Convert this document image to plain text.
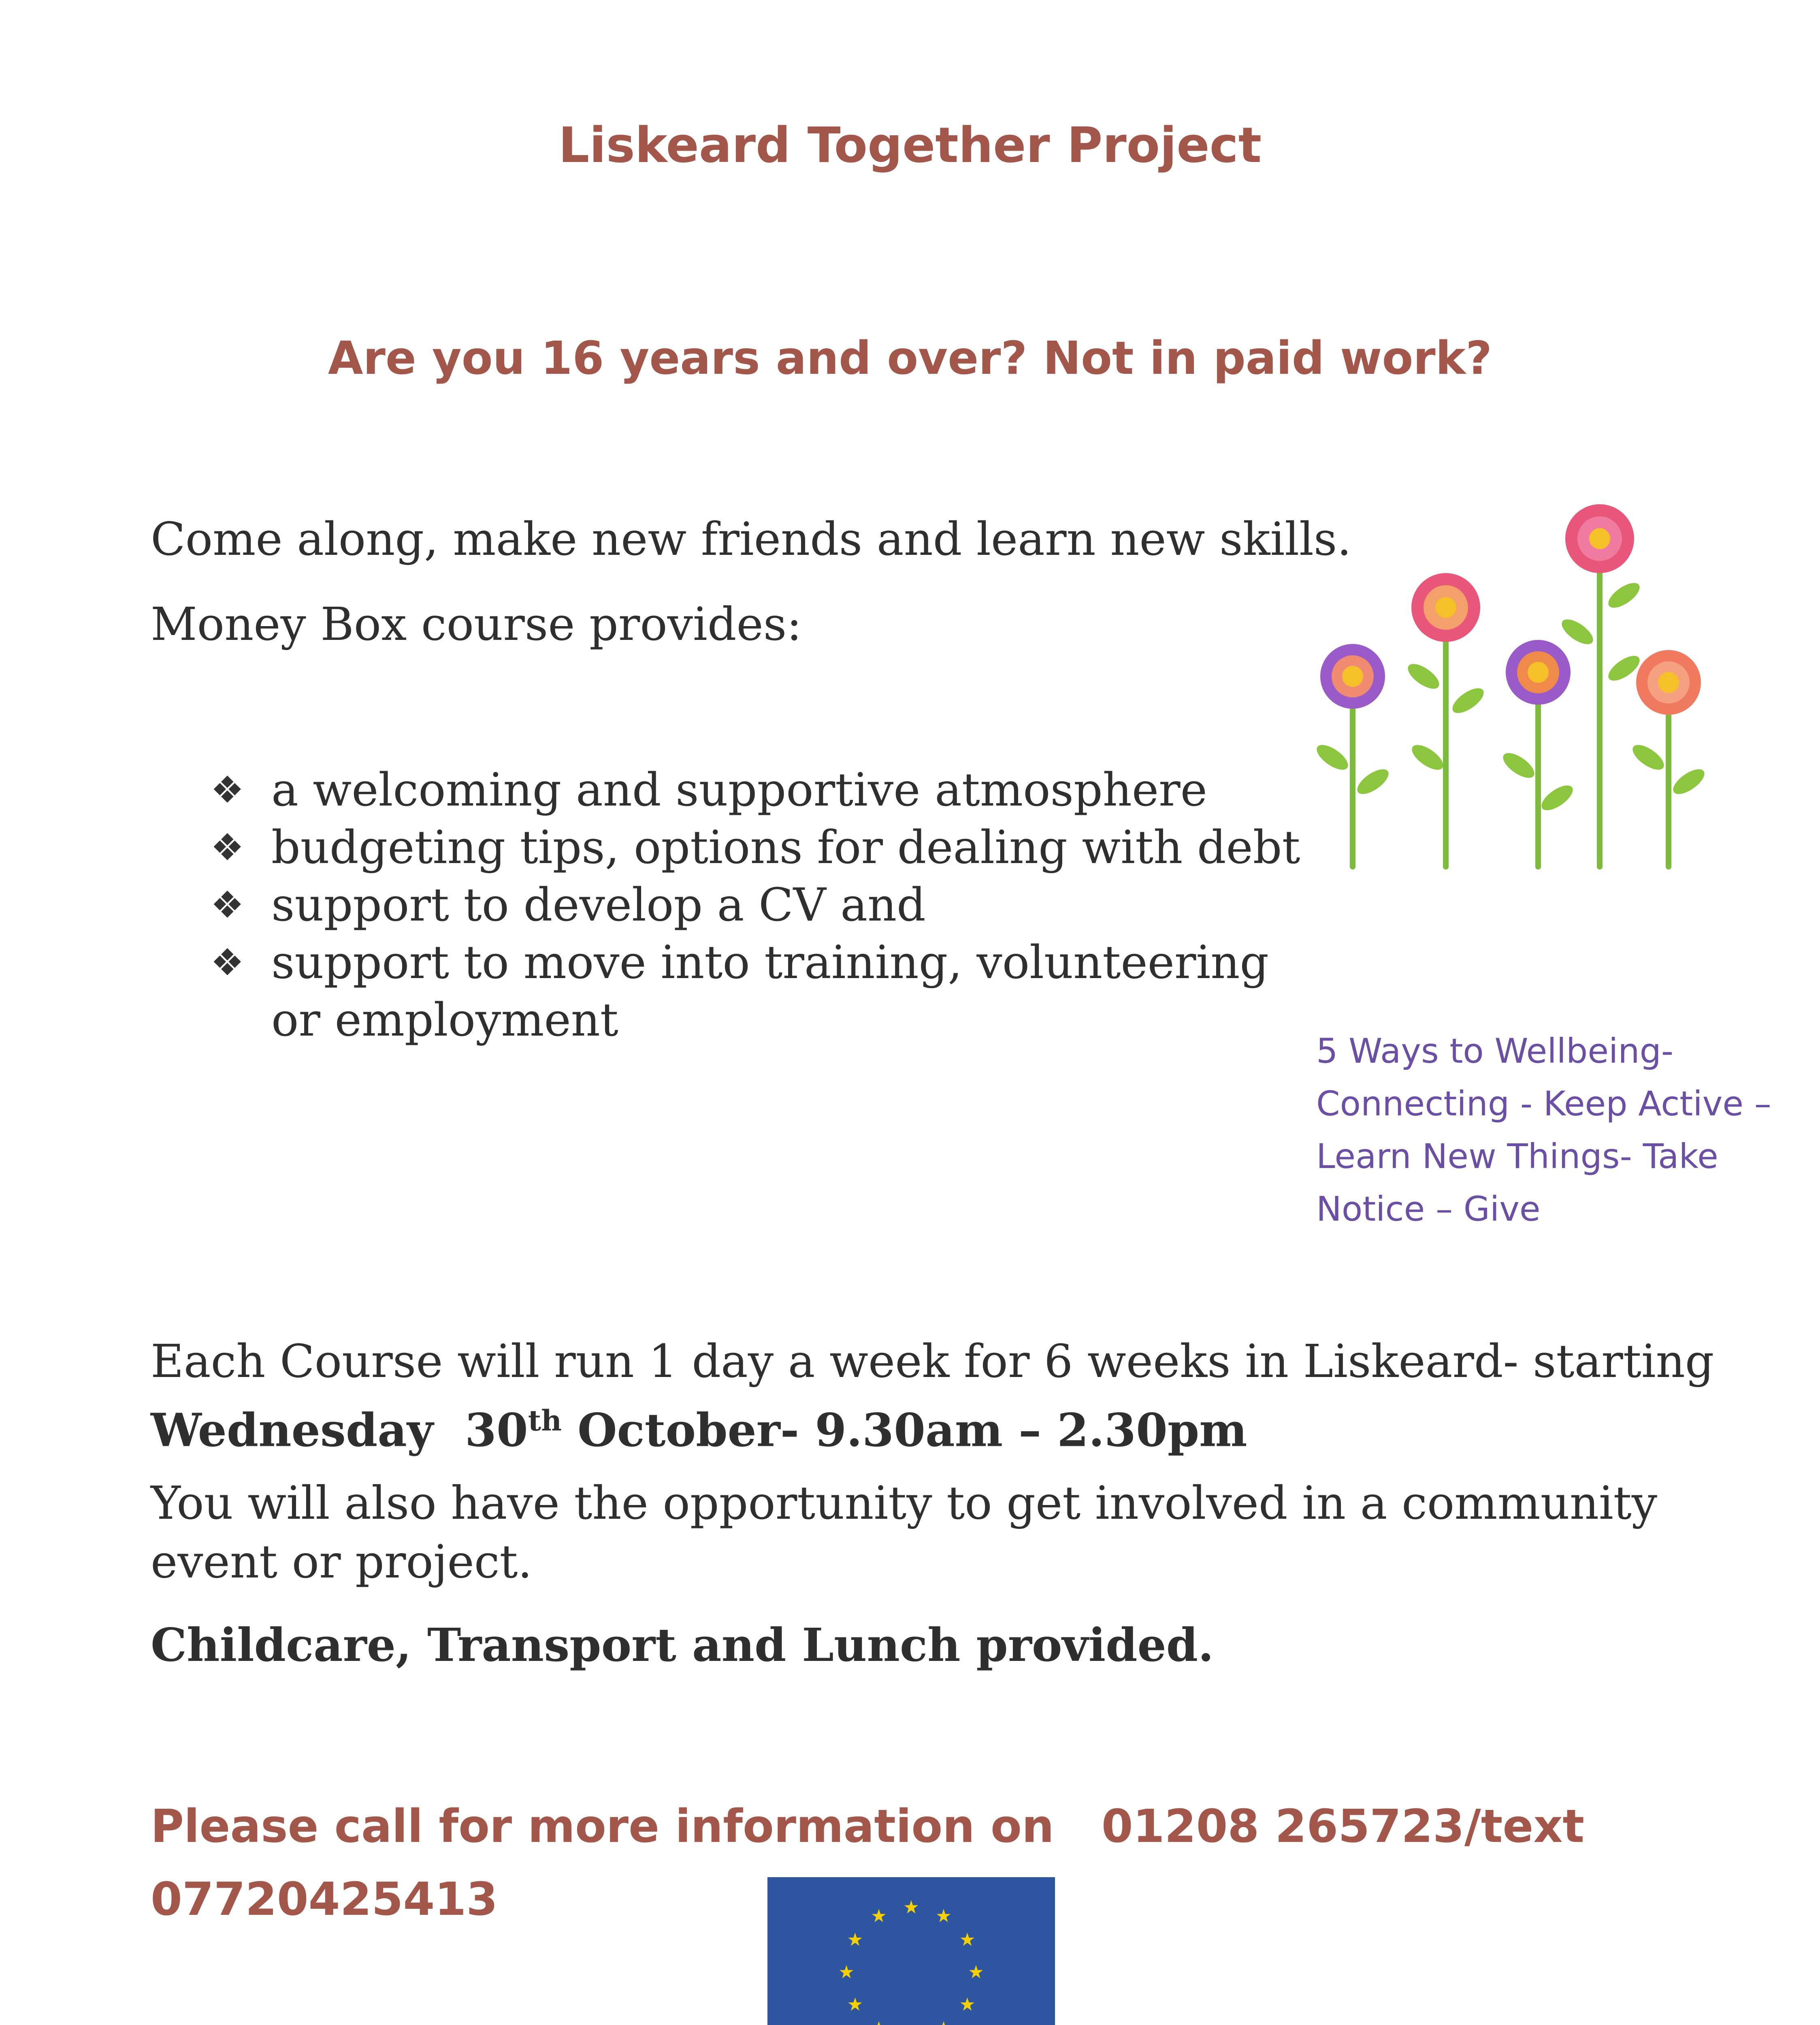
Liskeard Together Project
Are you 16 years and over? Not in paid work?
Come along, make new friends and learn new skills.
Money Box course provides:
❖ a welcoming and supportive atmosphere
❖ budgeting tips, options for dealing with debt
❖ support to develop a CV and
❖ support to move into training, volunteering or employment
5 Ways to Wellbeing- Connecting - Keep Active – Learn New Things- Take Notice – Give
Each Course will run 1 day a week for 6 weeks in Liskeard- starting
Wednesday 30th October- 9.30am – 2.30pm
You will also have the opportunity to get involved in a community event or project.
Childcare, Transport and Lunch provided.
Please call for more information on 01208 265723/text
07720425413
